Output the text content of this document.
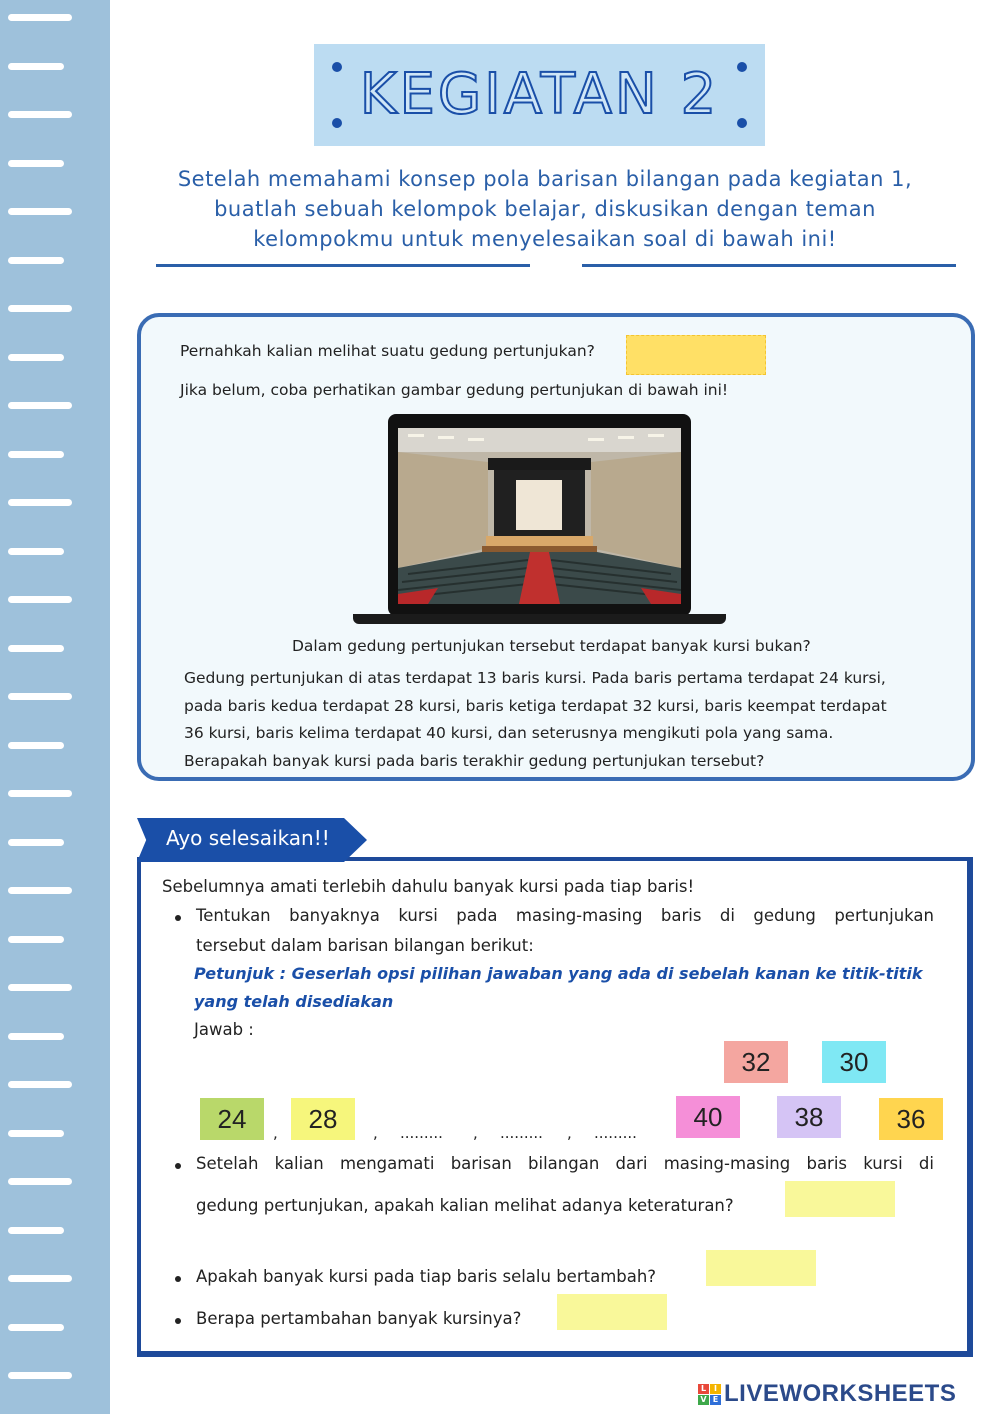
KEGIATAN 2
Setelah memahami konsep pola barisan bilangan pada kegiatan 1,
buatlah sebuah kelompok belajar, diskusikan dengan teman
kelompokmu untuk menyelesaikan soal di bawah ini!
Pernahkah kalian melihat suatu gedung pertunjukan?
Jika belum, coba perhatikan gambar gedung pertunjukan di bawah ini!
Dalam gedung pertunjukan tersebut terdapat banyak kursi bukan?
Gedung pertunjukan di atas terdapat 13 baris kursi. Pada baris pertama terdapat 24 kursi,
pada baris kedua terdapat 28 kursi, baris ketiga terdapat 32 kursi, baris keempat terdapat
36 kursi, baris kelima terdapat 40 kursi, dan seterusnya mengikuti pola yang sama.
Berapakah banyak kursi pada baris terakhir gedung pertunjukan tersebut?
Ayo selesaikan!!
Sebelumnya amati terlebih dahulu banyak kursi pada tiap baris!
Tentukan banyaknya kursi pada masing-masing baris di gedung pertunjukan
tersebut dalam barisan bilangan berikut:
Petunjuk : Geserlah opsi pilihan jawaban yang ada di sebelah kanan ke titik-titik
yang telah disediakan
Jawab :
24	,	28	, ......... , ......... , .........
32	30
40	38	36
Setelah kalian mengamati barisan bilangan dari masing-masing baris kursi di
gedung pertunjukan, apakah kalian melihat adanya keteraturan?
Apakah banyak kursi pada tiap baris selalu bertambah?
Berapa pertambahan banyak kursinya?
L I
V E LIVEWORKSHEETS
